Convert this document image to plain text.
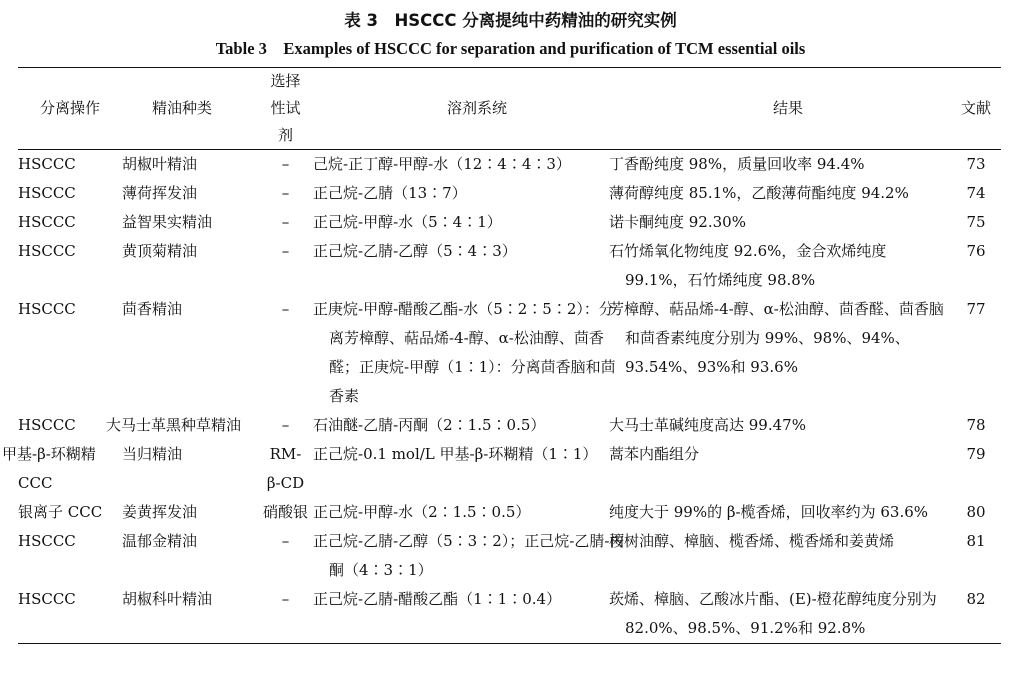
表 3　HSCCC 分离提纯中药精油的研究实例
Table 3　Examples of HSCCC for separation and purification of TCM essential oils
分离操作	精油种类	选择性试剂	溶剂系统	结果	文献
HSCCC	胡椒叶精油	–	己烷-正丁醇-甲醇-水（12∶4∶4∶3）	丁香酚纯度 98%，质量回收率 94.4%	73
HSCCC	薄荷挥发油	–	正己烷-乙腈（13∶7）	薄荷醇纯度 85.1%，乙酸薄荷酯纯度 94.2%	74
HSCCC	益智果实精油	–	正己烷-甲醇-水（5∶4∶1）	诺卡酮纯度 92.30%	75
HSCCC	黄顶菊精油	–	正己烷-乙腈-乙醇（5∶4∶3）	石竹烯氧化物纯度 92.6%，金合欢烯纯度 99.1%，石竹烯纯度 98.8%	76
HSCCC	茴香精油	–	正庚烷-甲醇-醋酸乙酯-水（5∶2∶5∶2）：分离芳樟醇、萜品烯-4-醇、α-松油醇、茴香醛；正庚烷-甲醇（1∶1）：分离茴香脑和茴香素	芳樟醇、萜品烯-4-醇、α-松油醇、茴香醛、茴香脑和茴香素纯度分别为 99%、98%、94%、93.54%、93%和 93.6%	77
HSCCC	大马士革黑种草精油	–	石油醚-乙腈-丙酮（2∶1.5∶0.5）	大马士革碱纯度高达 99.47%	78
甲基-β-环糊精 CCC	当归精油	RM-β-CD	正己烷-0.1 mol/L 甲基-β-环糊精（1∶1）	蒿苯内酯组分	79
银离子 CCC	姜黄挥发油	硝酸银	正己烷-甲醇-水（2∶1.5∶0.5）	纯度大于 99%的 β-榄香烯，回收率约为 63.6%	80
HSCCC	温郁金精油	–	正己烷-乙腈-乙醇（5∶3∶2）；正己烷-乙腈-丙酮（4∶3∶1）	桉树油醇、樟脑、榄香烯、榄香烯和姜黄烯	81
HSCCC	胡椒科叶精油	–	正己烷-乙腈-醋酸乙酯（1∶1∶0.4）	莰烯、樟脑、乙酸冰片酯、(E)-橙花醇纯度分别为 82.0%、98.5%、91.2%和 92.8%	82
